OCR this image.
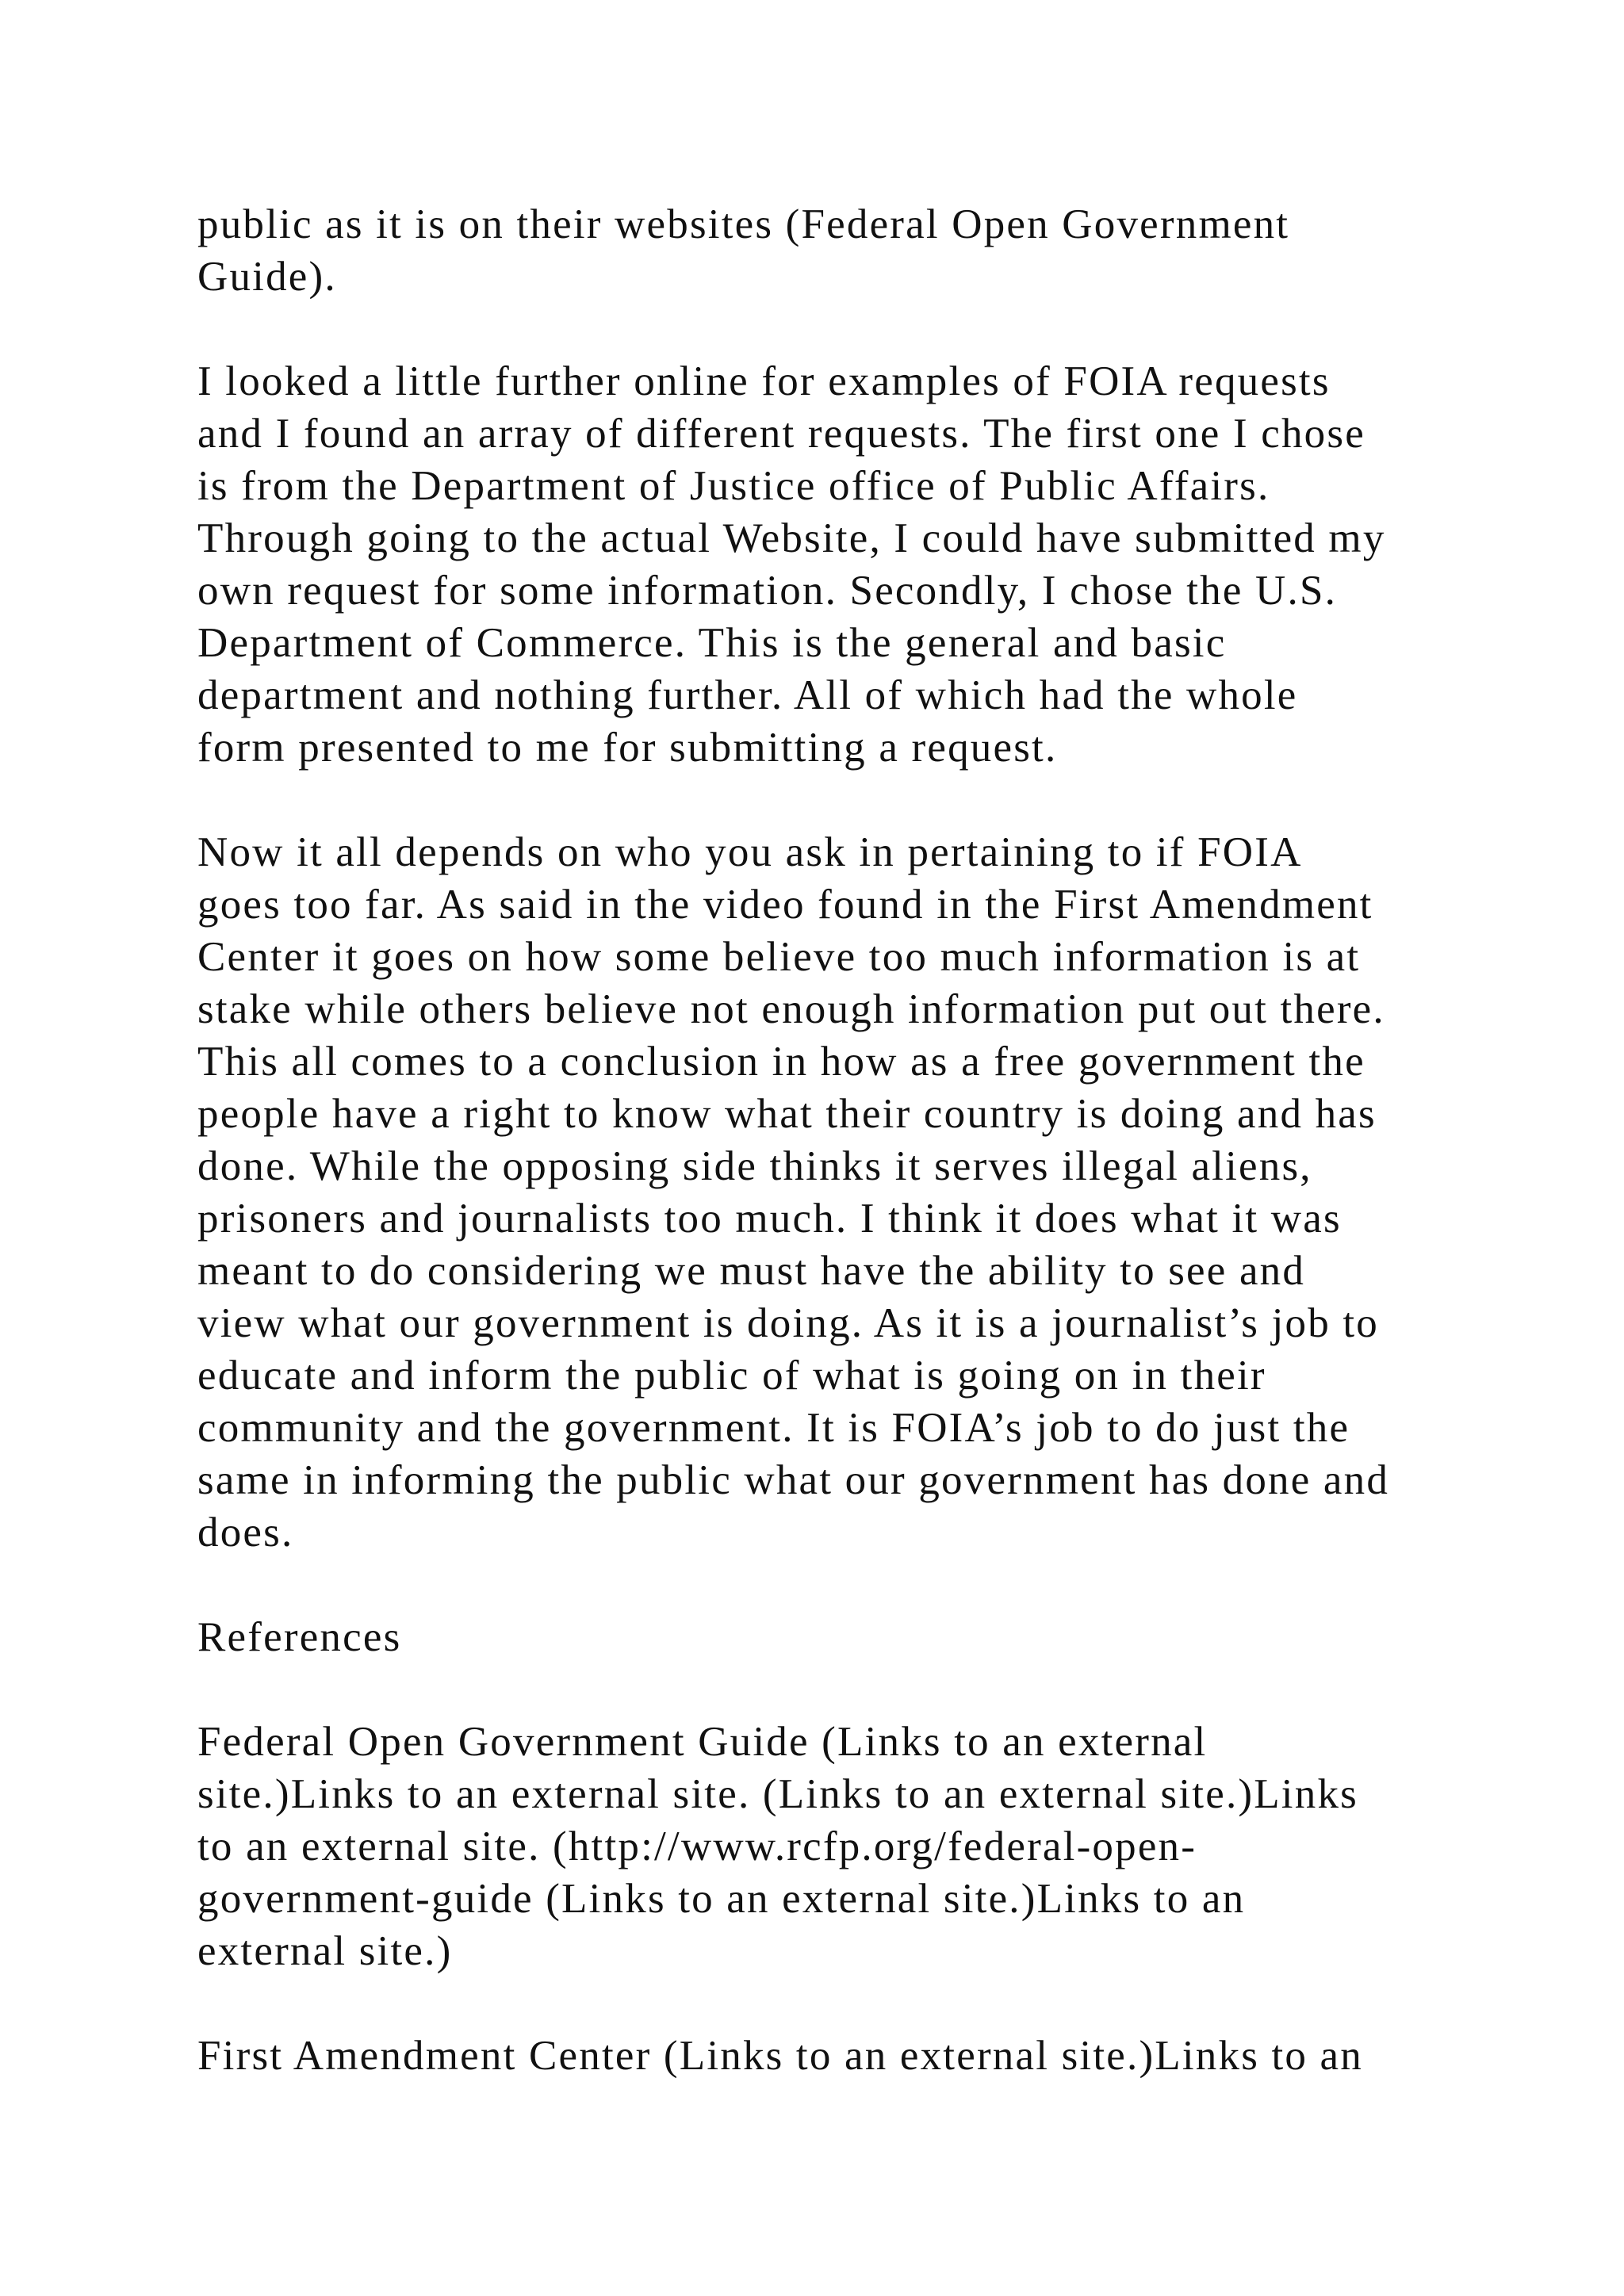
public as it is on their websites (Federal Open Government

Guide).

I looked a little further online for examples of FOIA requests

and I found an array of different requests. The first one I chose

is from the Department of Justice office of Public Affairs.

Through going to the actual Website, I could have submitted my

own request for some information. Secondly, I chose the U.S.

Department of Commerce. This is the general and basic

department and nothing further. All of which had the whole

form presented to me for submitting a request.

Now it all depends on who you ask in pertaining to if FOIA

goes too far. As said in the video found in the First Amendment

Center it goes on how some believe too much information is at

stake while others believe not enough information put out there.

This all comes to a conclusion in how as a free government the

people have a right to know what their country is doing and has

done. While the opposing side thinks it serves illegal aliens,

prisoners and journalists too much. I think it does what it was

meant to do considering we must have the ability to see and

view what our government is doing. As it is a journalist’s job to

educate and inform the public of what is going on in their

community and the government. It is FOIA’s job to do just the

same in informing the public what our government has done and

does.

References

Federal Open Government Guide (Links to an external

site.)Links to an external site. (Links to an external site.)Links

to an external site. (http://www.rcfp.org/federal-open-

government-guide (Links to an external site.)Links to an

external site.)

First Amendment Center (Links to an external site.)Links to an
